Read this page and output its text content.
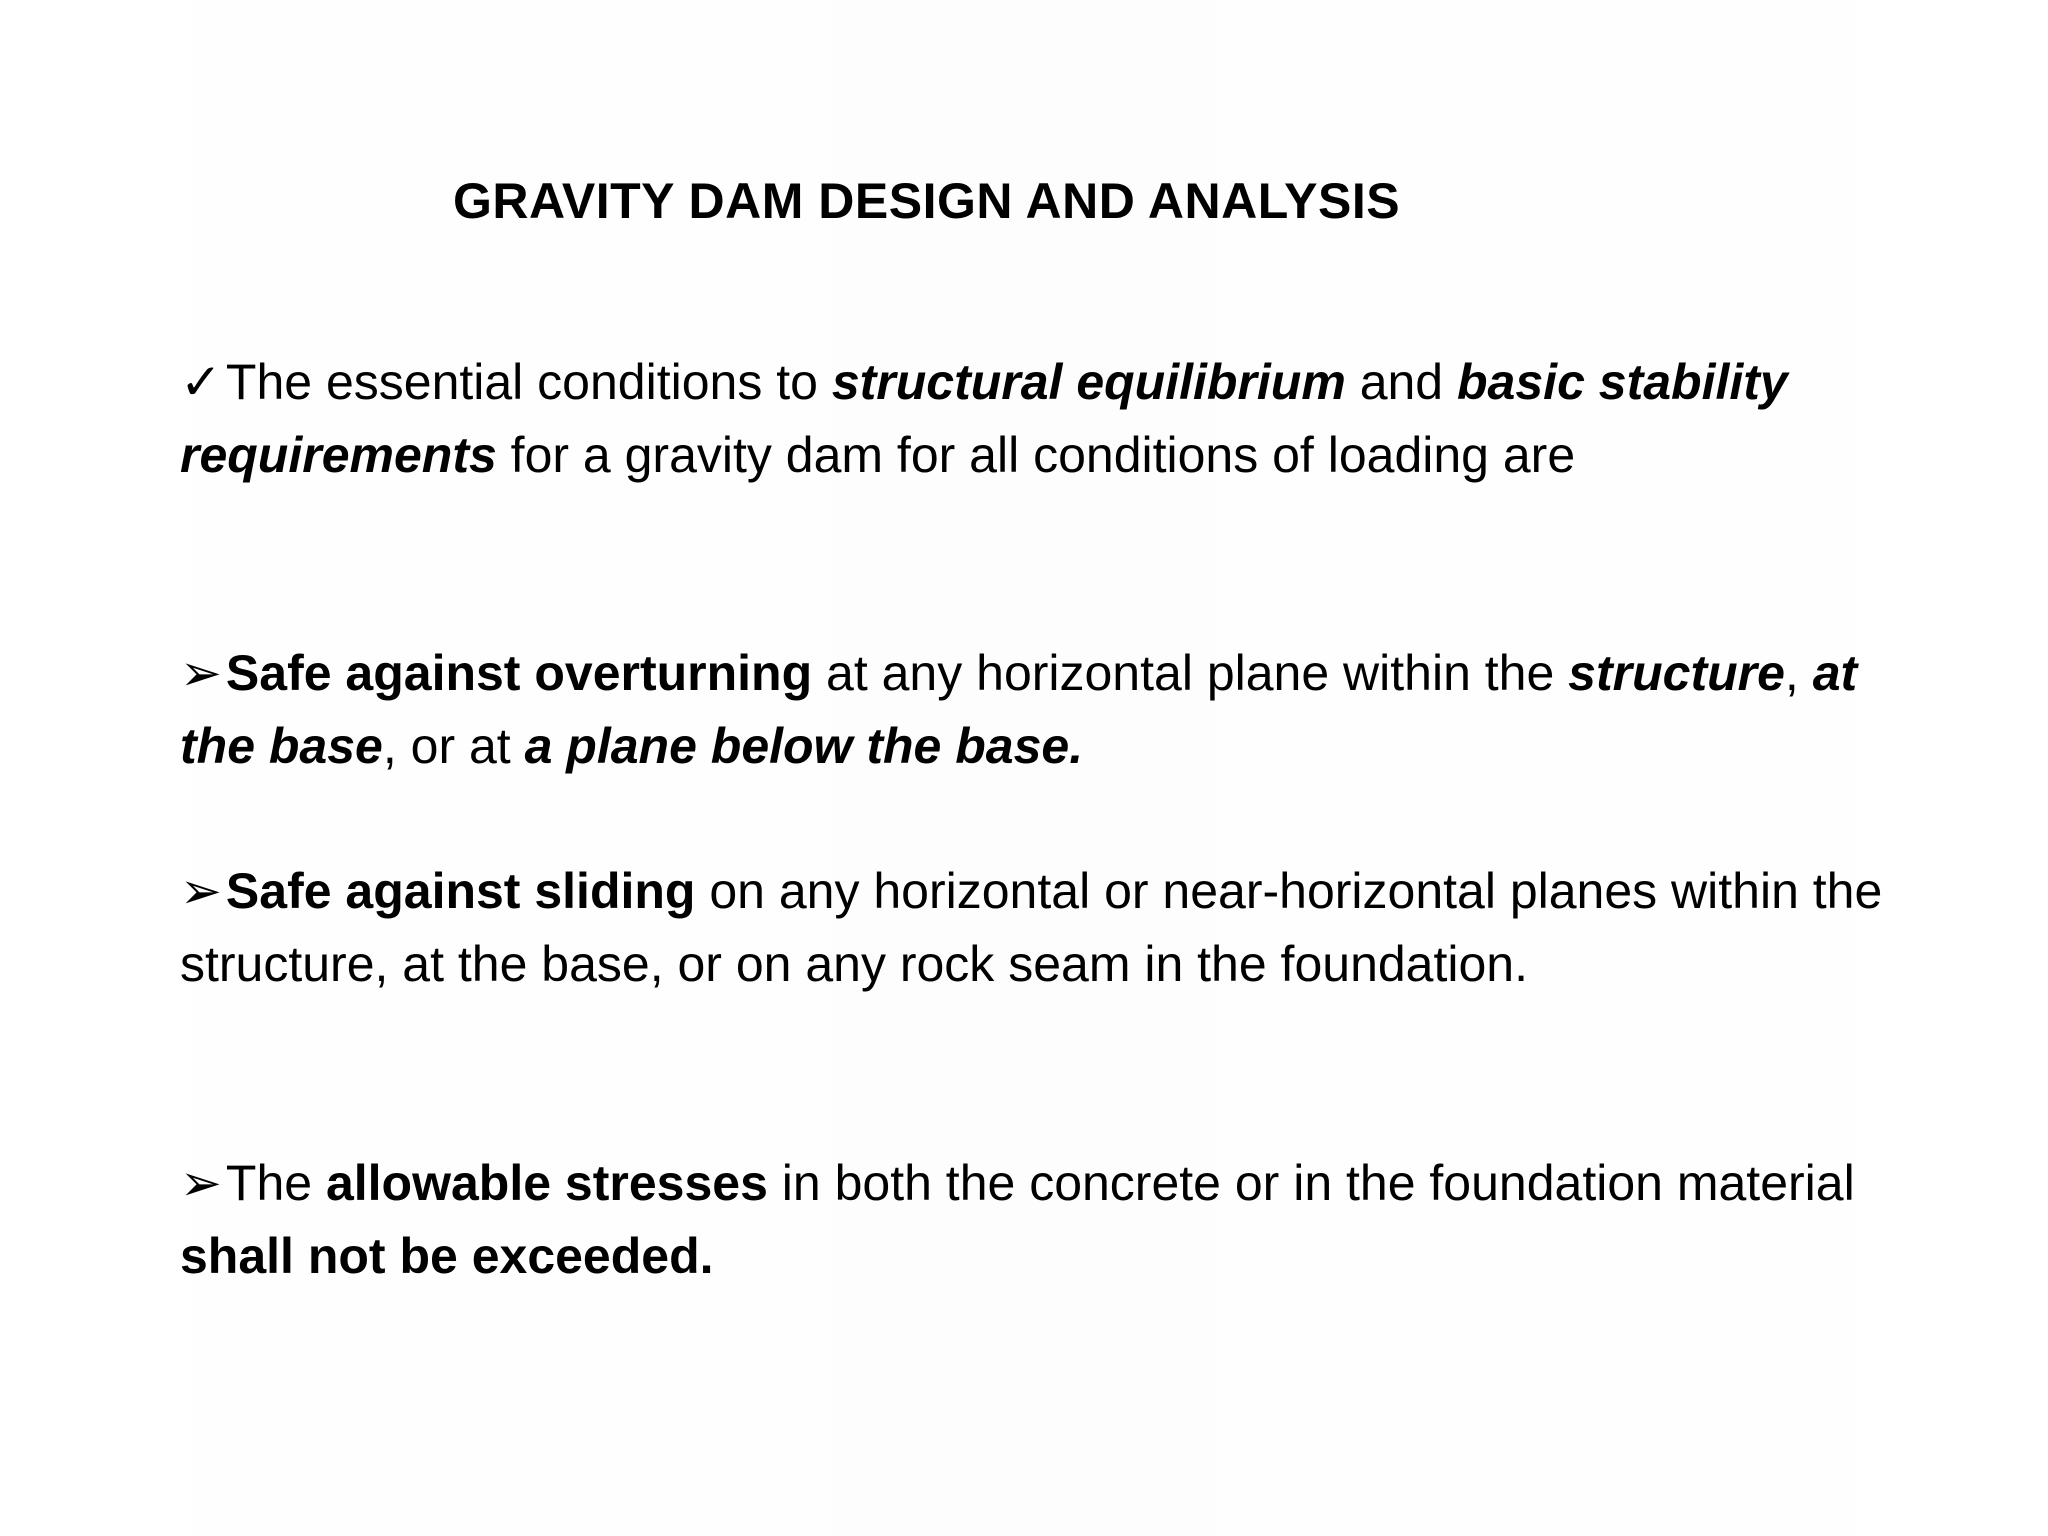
GRAVITY DAM DESIGN AND ANALYSIS
✓The essential conditions to structural equilibrium and basic stability requirements for a gravity dam for all conditions of loading are
➢Safe against overturning at any horizontal plane within the structure, at the base, or at a plane below the base.
➢Safe against sliding on any horizontal or near-horizontal planes within the structure, at the base, or on any rock seam in the foundation.
➢The allowable stresses in both the concrete or in the foundation material shall not be exceeded.
